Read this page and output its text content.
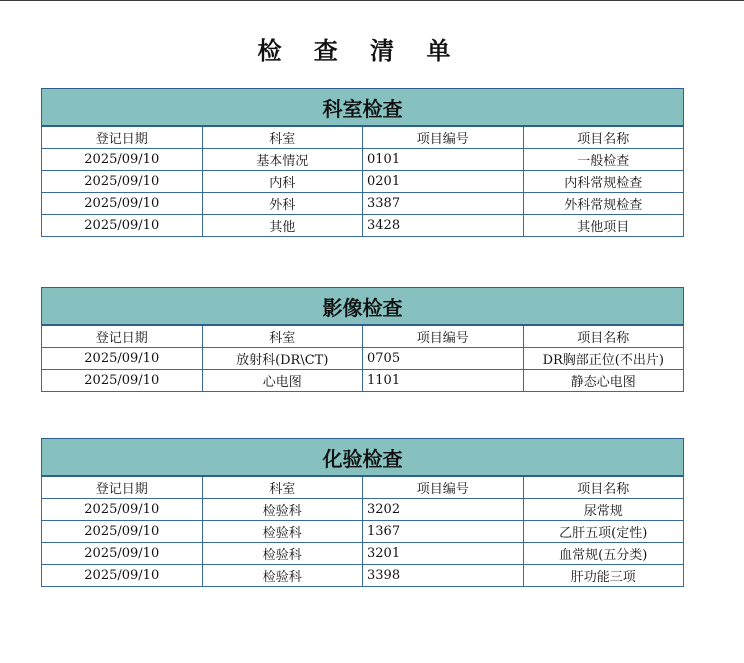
检 查 清 单
科室检查			
登记日期	科室	项目编号	项目名称
2025/09/10	基本情况	0101	一般检查
2025/09/10	内科	0201	内科常规检查
2025/09/10	外科	3387	外科常规检查
2025/09/10	其他	3428	其他项目
影像检查			
登记日期	科室	项目编号	项目名称
2025/09/10	放射科(DR\CT)	0705	DR胸部正位(不出片)
2025/09/10	心电图	1101	静态心电图
化验检查			
登记日期	科室	项目编号	项目名称
2025/09/10	检验科	3202	尿常规
2025/09/10	检验科	1367	乙肝五项(定性)
2025/09/10	检验科	3201	血常规(五分类)
2025/09/10	检验科	3398	肝功能三项
